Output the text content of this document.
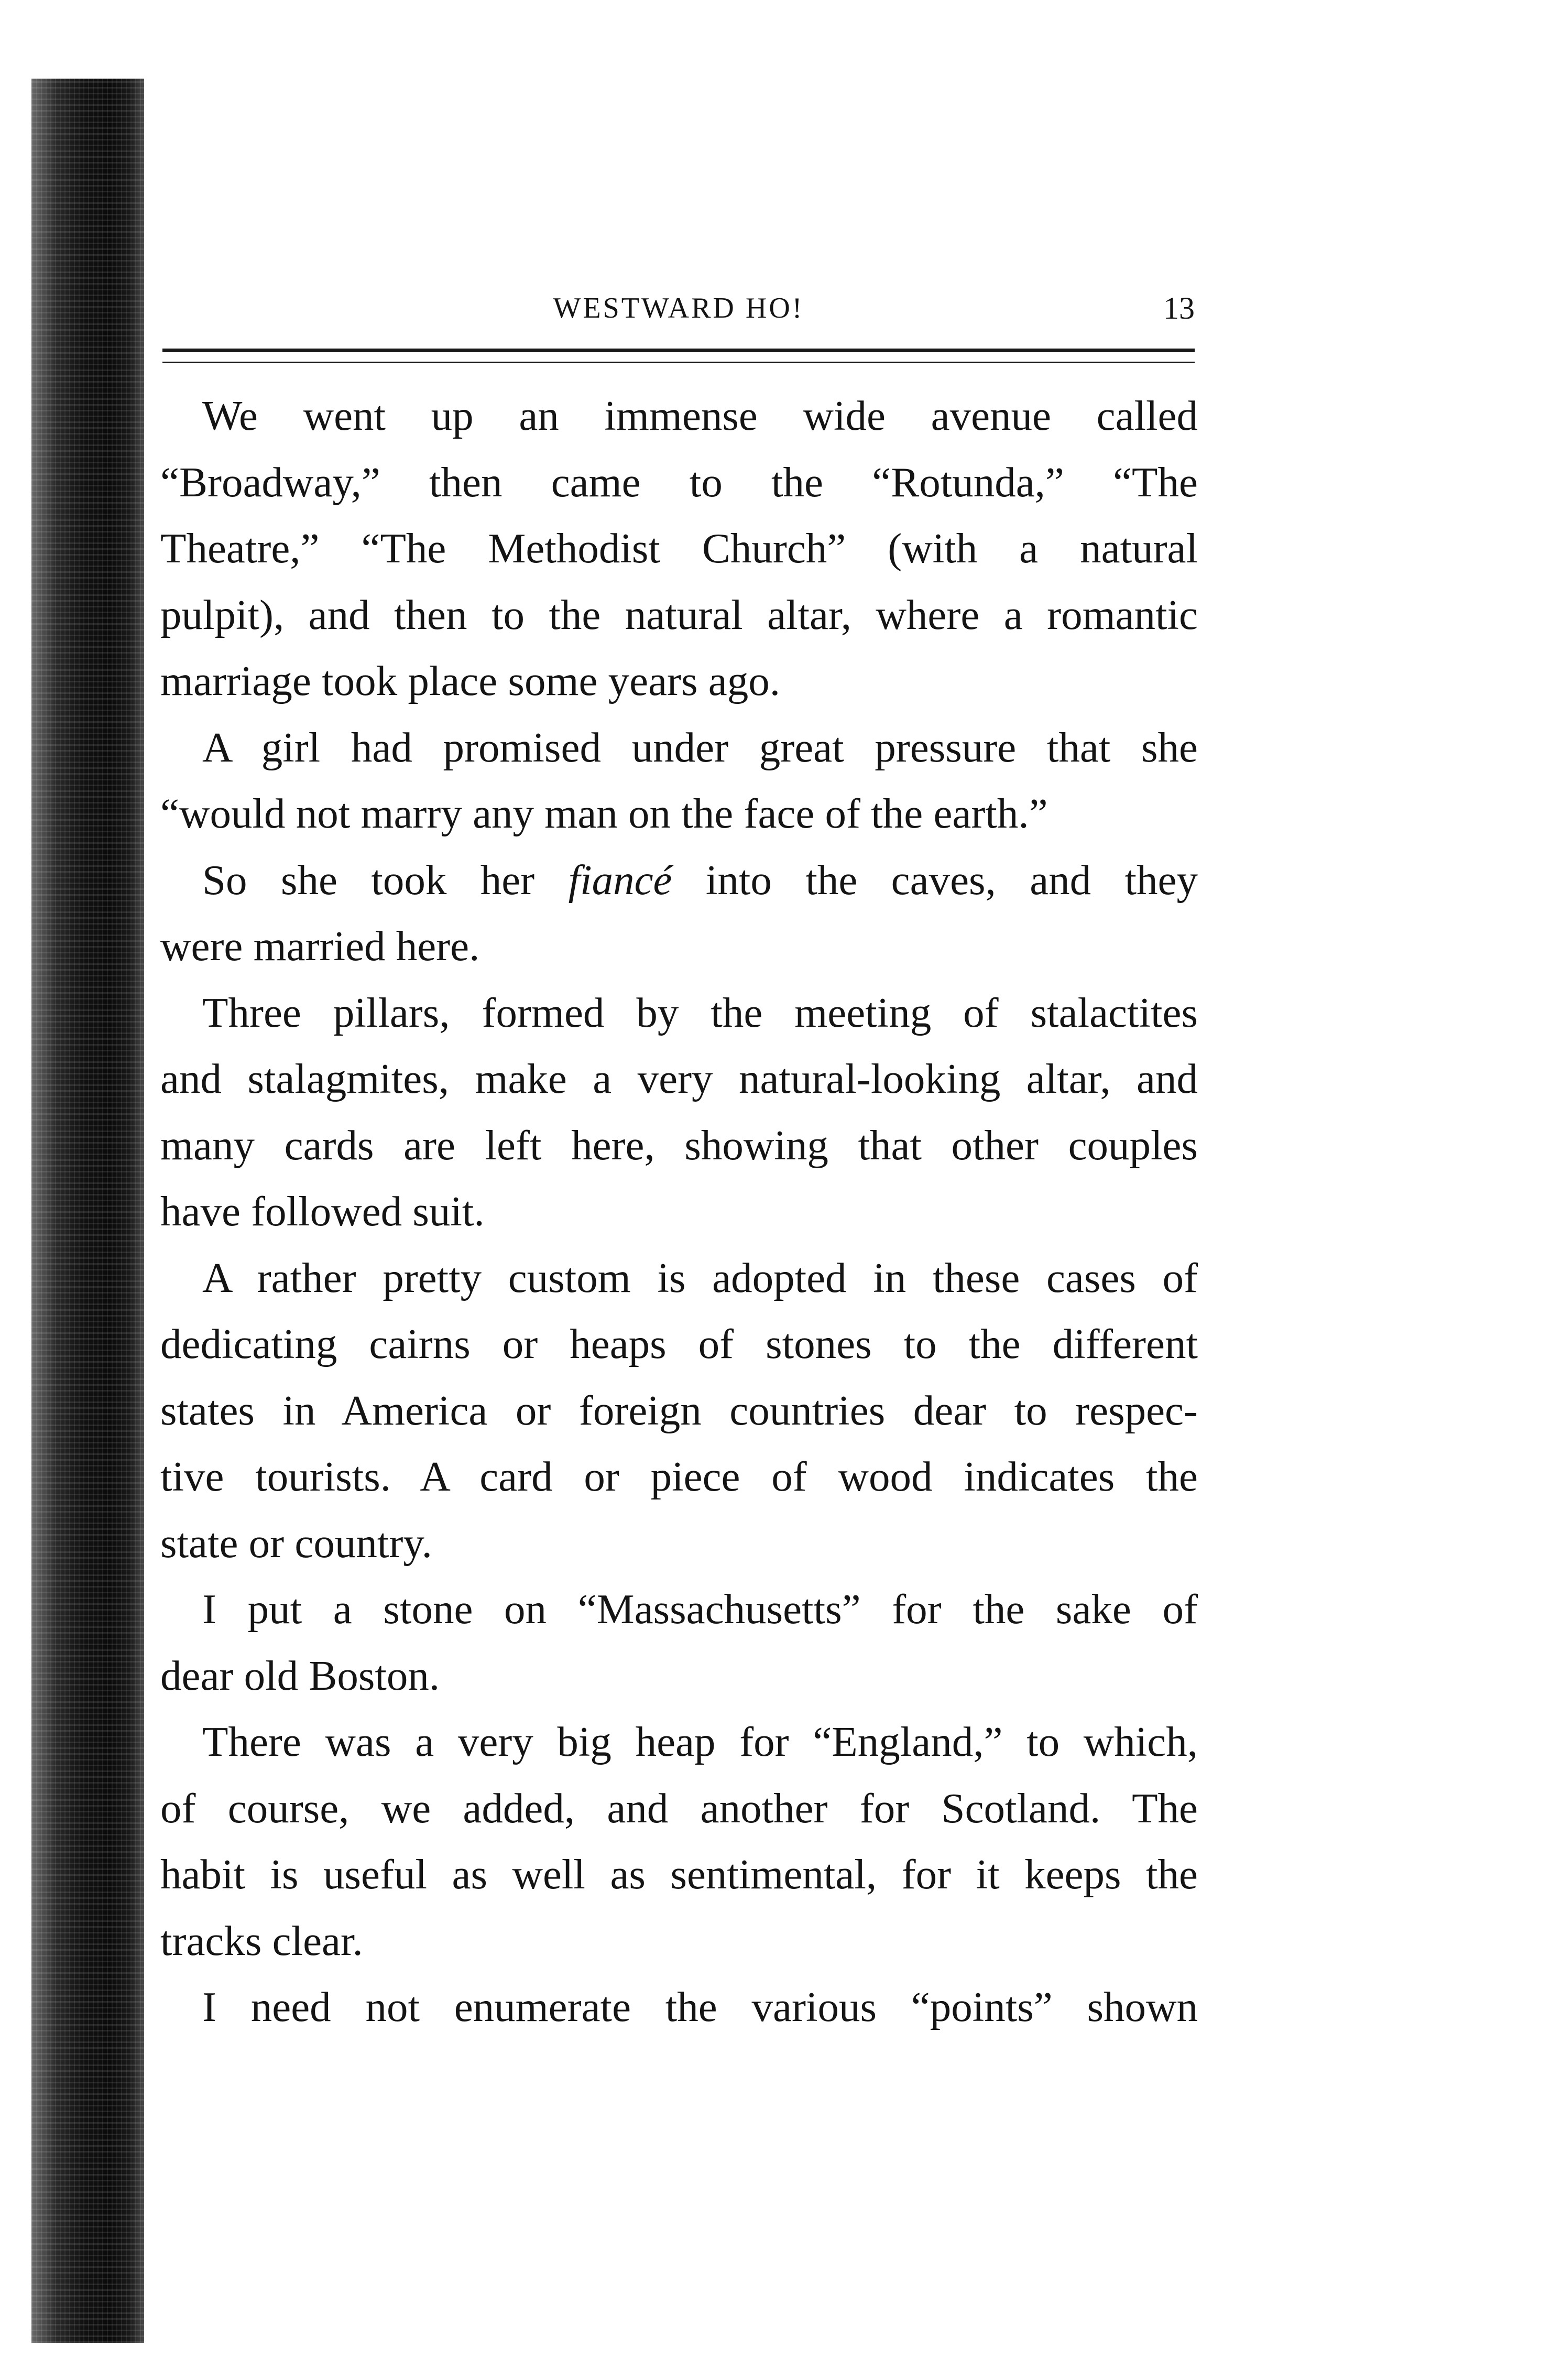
WESTWARD HO!	13

We went up an immense wide avenue called
“Broadway,” then came to the “Rotunda,” “The
Theatre,” “The Methodist Church” (with a natural
pulpit), and then to the natural altar, where a romantic
marriage took place some years ago.

A girl had promised under great pressure that she
“would not marry any man on the face of the earth.”

So she took her fiancé into the caves, and they
were married here.

Three pillars, formed by the meeting of stalactites
and stalagmites, make a very natural-looking altar, and
many cards are left here, showing that other couples
have followed suit.

A rather pretty custom is adopted in these cases of
dedicating cairns or heaps of stones to the different
states in America or foreign countries dear to respec-
tive tourists. A card or piece of wood indicates the
state or country.

I put a stone on “Massachusetts” for the sake of
dear old Boston.

There was a very big heap for “England,” to which,
of course, we added, and another for Scotland. The
habit is useful as well as sentimental, for it keeps the
tracks clear.

I need not enumerate the various “points” shown
